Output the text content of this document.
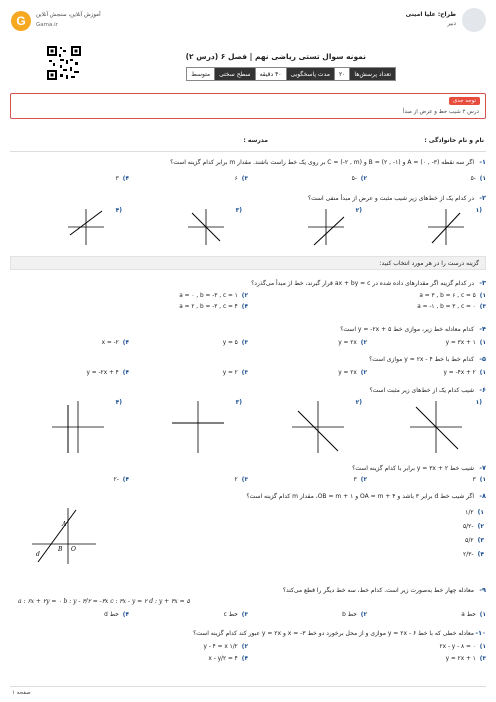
طراح: علیا امینی
دبیر
G آموزش آنلاین، سنجش آنلاین
Gama.ir
نمونه سوال تستی ریاضی نهم | فصل ۶ (درس ۲)
تعداد پرسش‌ها
۲۰
مدت پاسخگویی
۴۰ دقیقه
سطح سختی
متوسط
توجه جدی
درس ۲ شیب خط و عرض از مبدأ
نام و نام خانوادگی :
مدرسه :
۱-
اگر سه نقطه A = (۰ , -۳) و B = (۲ , -۱) و C = (-۲ , m) بر روی یک خط راست باشند. مقدار m برابر کدام گزینه است؟
۱)-۵
۲)-۵
۳)۶
۴)۳
۲-
در کدام یک از خط‌های زیر شیب مثبت و عرض از مبدأ منفی است؟
۱)
۲)
۳)
۴)
گزینه درست را در هر مورد انتخاب کنید:
۳-
در کدام گزینه اگر مقدارهای داده شده در ax + by = c قرار گیرند، خط از مبدأ می‌گذرد؟
۱)a = ۳ , b = ۶ , c = ۵
۲)a = ۰ , b = -۳ , c = ۱
۳)a = -۱ , b = ۳ , c = ۰
۴)a = ۲ , b = -۳ , c = ۴
۴-
کدام معادله خط زیر، موازی خط y = -۲x + ۵ است؟
۱)y = ۳x + ۱
۲)y = ۲x
۳)y = ۵
۴)x = -۲
۵-
کدام خط با خط y = ۲x - ۴ موازی است؟
۱)y = -۴x + ۲
۲)y = ۲x
۳)y = ۲
۴)y = -۲x + ۴
۶-
شیب کدام یک از خط‌های زیر مثبت است؟
۱)
۲)
۳)
۴)
۷-
شیب خط y = ۳x + ۲ برابر با کدام گزینه است؟
۱)۳
۲)۳
۳)۲
۴)-۲
۸-
اگر شیب خط d برابر ۳ باشد و OA = m + ۴ و OB = m + ۱، مقدار m کدام گزینه است؟
۱)۱/۲
۲)-۵/۲
۳)۵/۲
۴)-۲/۳
A
O
B
d
۹-
معادله چهار خط به‌صورت زیر است. کدام خط، سه خط دیگر را قطع می‌کند؟
a : ۶x + ۲y = ۰ b : y - ۳/۲ = -۳x c : ۳x - y = ۲ d : y + ۳x = ۵
۱)خط a
۲)خط b
۳)خط c
۴)خط d
۱۰-
معادله خطی که با خط y = ۲x - ۶ موازی و از محل برخورد دو خط x = -۳ و y = ۲x عبور کند کدام گزینه است؟
۱)۲x - y - ۸ = ۰
۲)۱/۲ y - ۴ = x
۳)y = ۲x + ۱
۴)x - y/۲ = ۴
صفحه ۱
